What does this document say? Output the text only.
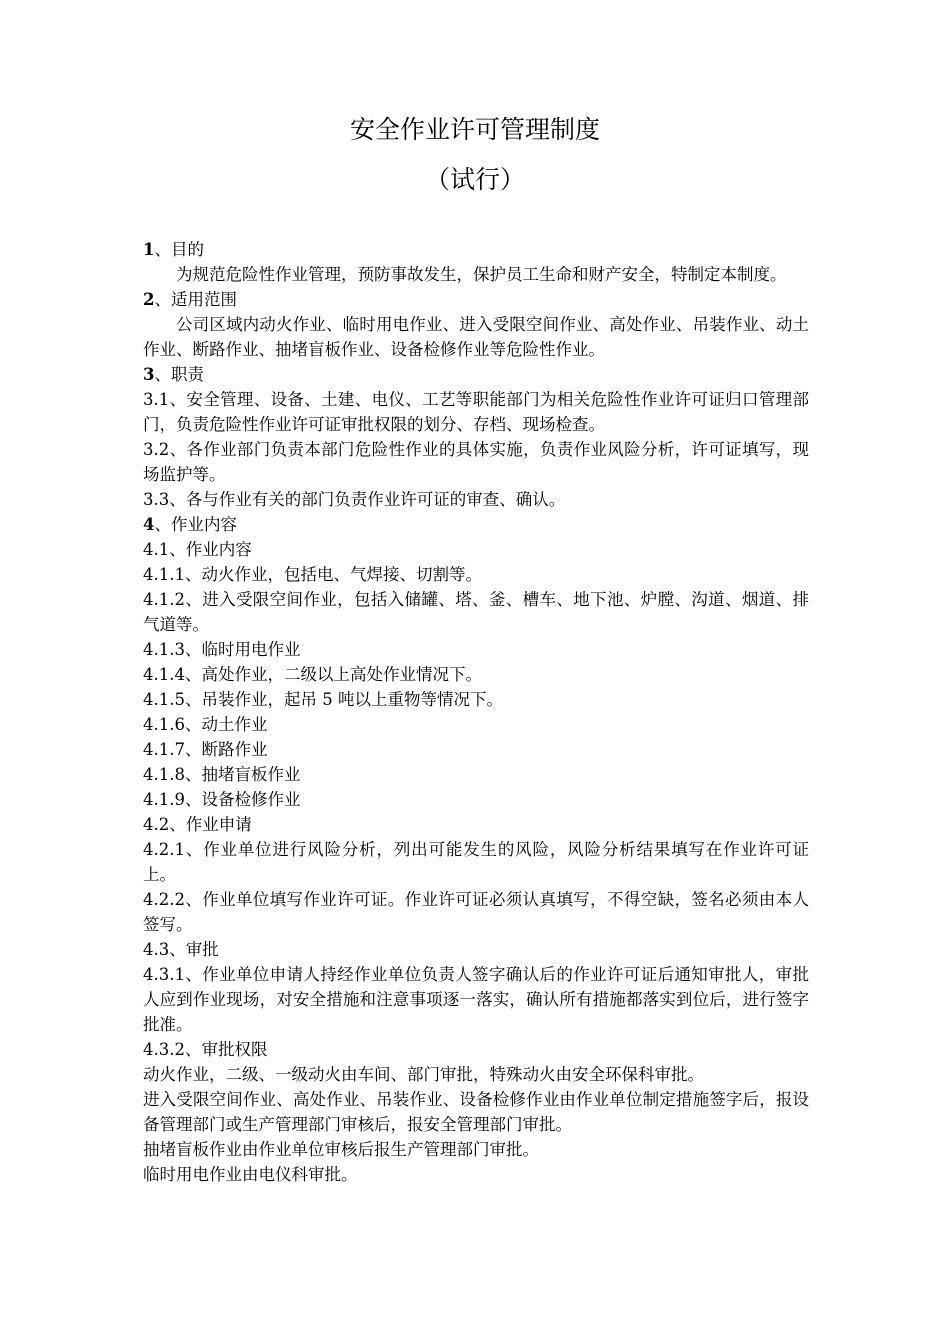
安全作业许可管理制度
（试行）

1、目的

为规范危险性作业管理，预防事故发生，保护员工生命和财产安全，特制定本制度。

2、适用范围

公司区域内动火作业、临时用电作业、进入受限空间作业、高处作业、吊装作业、动土作业、断路作业、抽堵盲板作业、设备检修作业等危险性作业。

3、职责

3.1、安全管理、设备、土建、电仪、工艺等职能部门为相关危险性作业许可证归口管理部门，负责危险性作业许可证审批权限的划分、存档、现场检查。

3.2、各作业部门负责本部门危险性作业的具体实施，负责作业风险分析，许可证填写，现场监护等。

3.3、各与作业有关的部门负责作业许可证的审查、确认。

4、作业内容

4.1、作业内容

4.1.1、动火作业，包括电、气焊接、切割等。

4.1.2、进入受限空间作业，包括入储罐、塔、釜、槽车、地下池、炉膛、沟道、烟道、排气道等。

4.1.3、临时用电作业

4.1.4、高处作业，二级以上高处作业情况下。

4.1.5、吊装作业，起吊 5 吨以上重物等情况下。

4.1.6、动土作业

4.1.7、断路作业

4.1.8、抽堵盲板作业

4.1.9、设备检修作业

4.2、作业申请

4.2.1、作业单位进行风险分析，列出可能发生的风险，风险分析结果填写在作业许可证上。

4.2.2、作业单位填写作业许可证。作业许可证必须认真填写，不得空缺，签名必须由本人签写。

4.3、审批

4.3.1、作业单位申请人持经作业单位负责人签字确认后的作业许可证后通知审批人，审批人应到作业现场，对安全措施和注意事项逐一落实，确认所有措施都落实到位后，进行签字批准。

4.3.2、审批权限

动火作业，二级、一级动火由车间、部门审批，特殊动火由安全环保科审批。

进入受限空间作业、高处作业、吊装作业、设备检修作业由作业单位制定措施签字后，报设备管理部门或生产管理部门审核后，报安全管理部门审批。

抽堵盲板作业由作业单位审核后报生产管理部门审批。

临时用电作业由电仪科审批。
